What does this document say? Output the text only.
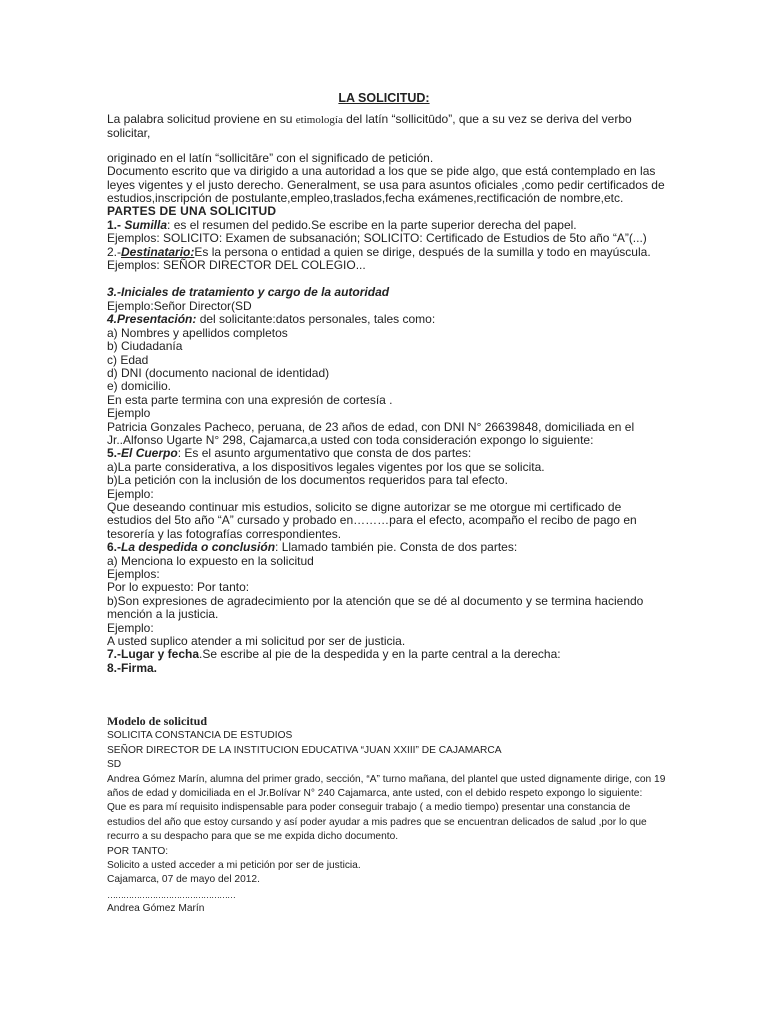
LA SOLICITUD:

La palabra solicitud proviene en su etimología del latín “sollicitūdo”, que a su vez se deriva del verbo solicitar,

originado en el latín “sollicitāre” con el significado de petición.

Documento escrito que va dirigido a una autoridad a los que se pide algo, que está contemplado en las leyes vigentes y el justo derecho. Generalment, se usa para asuntos oficiales ,como pedir certificados de estudios,inscripción de postulante,empleo,traslados,fecha exámenes,rectificación de nombre,etc.

PARTES DE UNA SOLICITUD

1.- Sumilla: es el resumen del pedido.Se escribe en la parte superior derecha del papel.

Ejemplos: SOLICITO: Examen de subsanación; SOLICITO: Certificado de Estudios de 5to año “A”(...)

2.-Destinatario:Es la persona o entidad a quien se dirige, después de la sumilla y todo en mayúscula.

Ejemplos: SEÑOR DIRECTOR DEL COLEGIO...

3.-Iniciales de tratamiento y cargo de la autoridad

Ejemplo:Señor Director(SD

4.Presentación: del solicitante:datos personales, tales como:

a) Nombres y apellidos completos

b) Ciudadanía

c) Edad

d) DNI (documento nacional de identidad)

e) domicilio.

En esta parte termina con una expresión de cortesía .

Ejemplo

Patricia Gonzales Pacheco, peruana, de 23 años de edad, con DNI N° 26639848, domiciliada en el Jr..Alfonso Ugarte N° 298, Cajamarca,a usted con toda consideración expongo lo siguiente:

5.-El Cuerpo: Es el asunto argumentativo que consta de dos partes:

a)La parte considerativa, a los dispositivos legales vigentes por los que se solicita.

b)La petición con la inclusión de los documentos requeridos para tal efecto.

Ejemplo:

Que deseando continuar mis estudios, solicito se digne autorizar se me otorgue mi certificado de estudios del 5to año “A” cursado y probado en………para el efecto, acompaño el recibo de pago en tesorería y las fotografías correspondientes.

6.-La despedida o conclusión: Llamado también pie. Consta de dos partes:

a) Menciona lo expuesto en la solicitud

Ejemplos:

Por lo expuesto: Por tanto:

b)Son expresiones de agradecimiento por la atención que se dé al documento y se termina haciendo mención a la justicia.

Ejemplo:

A usted suplico atender a mi solicitud por ser de justicia.

7.-Lugar y fecha.Se escribe al pie de la despedida y en la parte central a la derecha:

8.-Firma.

Modelo de solicitud

SOLICITA CONSTANCIA DE ESTUDIOS

SEÑOR DIRECTOR DE LA INSTITUCION EDUCATIVA “JUAN XXIII” DE CAJAMARCA

SD

Andrea Gómez Marín, alumna del primer grado, sección, “A” turno mañana, del plantel que usted dignamente dirige, con 19 años de edad y domiciliada en el Jr.Bolívar N° 240 Cajamarca, ante usted, con el debido respeto expongo lo siguiente:

Que es para mí requisito indispensable para poder conseguir trabajo ( a medio tiempo) presentar una constancia de estudios del año que estoy cursando y así poder ayudar a mis padres que se encuentran delicados de salud ,por lo que recurro a su despacho para que se me expida dicho documento.

POR TANTO:

Solicito a usted acceder a mi petición por ser de justicia.

Cajamarca, 07 de mayo del 2012.

…………………………………………

Andrea Gómez Marín
